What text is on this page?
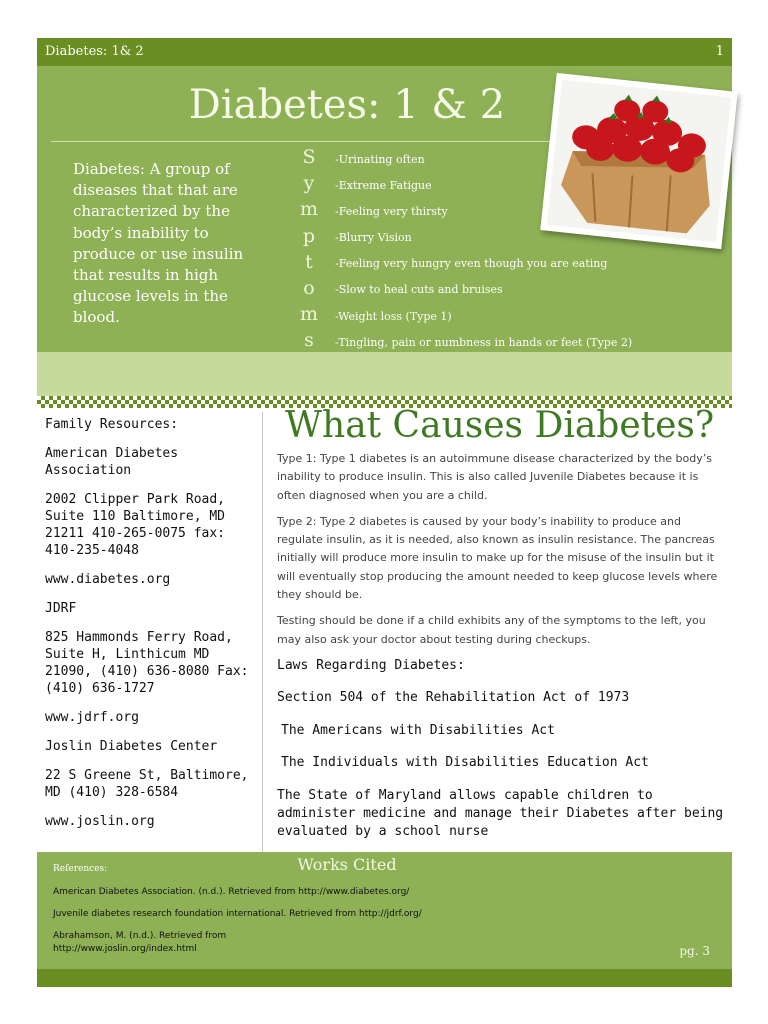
Diabetes: 1& 2	1
Diabetes: 1 & 2
Diabetes: A group of diseases that that are characterized by the body’s inability to produce or use insulin that results in high glucose levels in the blood.
S
y
m
p
t
o
m
s
-Urinating often
-Extreme Fatigue
-Feeling very thirsty
-Blurry Vision
-Feeling very hungry even though you are eating
-Slow to heal cuts and bruises
-Weight loss (Type 1)
-Tingling, pain or numbness in hands or feet (Type 2)

Family Resources:

American Diabetes Association

2002 Clipper Park Road, Suite 110 Baltimore, MD 21211 410-265-0075 fax: 410-235-4048

www.diabetes.org

JDRF

825 Hammonds Ferry Road, Suite H, Linthicum MD 21090, (410) 636-8080 Fax:(410) 636-1727

www.jdrf.org

Joslin Diabetes Center

22 S Greene St, Baltimore, MD (410) 328-6584

www.joslin.org

What Causes Diabetes?

Type 1: Type 1 diabetes is an autoimmune disease characterized by the body’s inability to produce insulin. This is also called Juvenile Diabetes because it is often diagnosed when you are a child.

Type 2: Type 2 diabetes is caused by your body’s inability to produce and regulate insulin, as it is needed, also known as insulin resistance. The pancreas initially will produce more insulin to make up for the misuse of the insulin but it will eventually stop producing the amount needed to keep glucose levels where they should be.

Testing should be done if a child exhibits any of the symptoms to the left, you may also ask your doctor about testing during checkups.

Laws Regarding Diabetes:

Section 504 of the Rehabilitation Act of 1973

The Americans with Disabilities Act

The Individuals with Disabilities Education Act

The State of Maryland allows capable children to administer medicine and manage their Diabetes after being evaluated by a school nurse

Works Cited
References:
American Diabetes Association. (n.d.). Retrieved from http://www.diabetes.org/
Juvenile diabetes research foundation international. Retrieved from http://jdrf.org/
Abrahamson, M. (n.d.). Retrieved from
http://www.joslin.org/index.html	pg. 3
